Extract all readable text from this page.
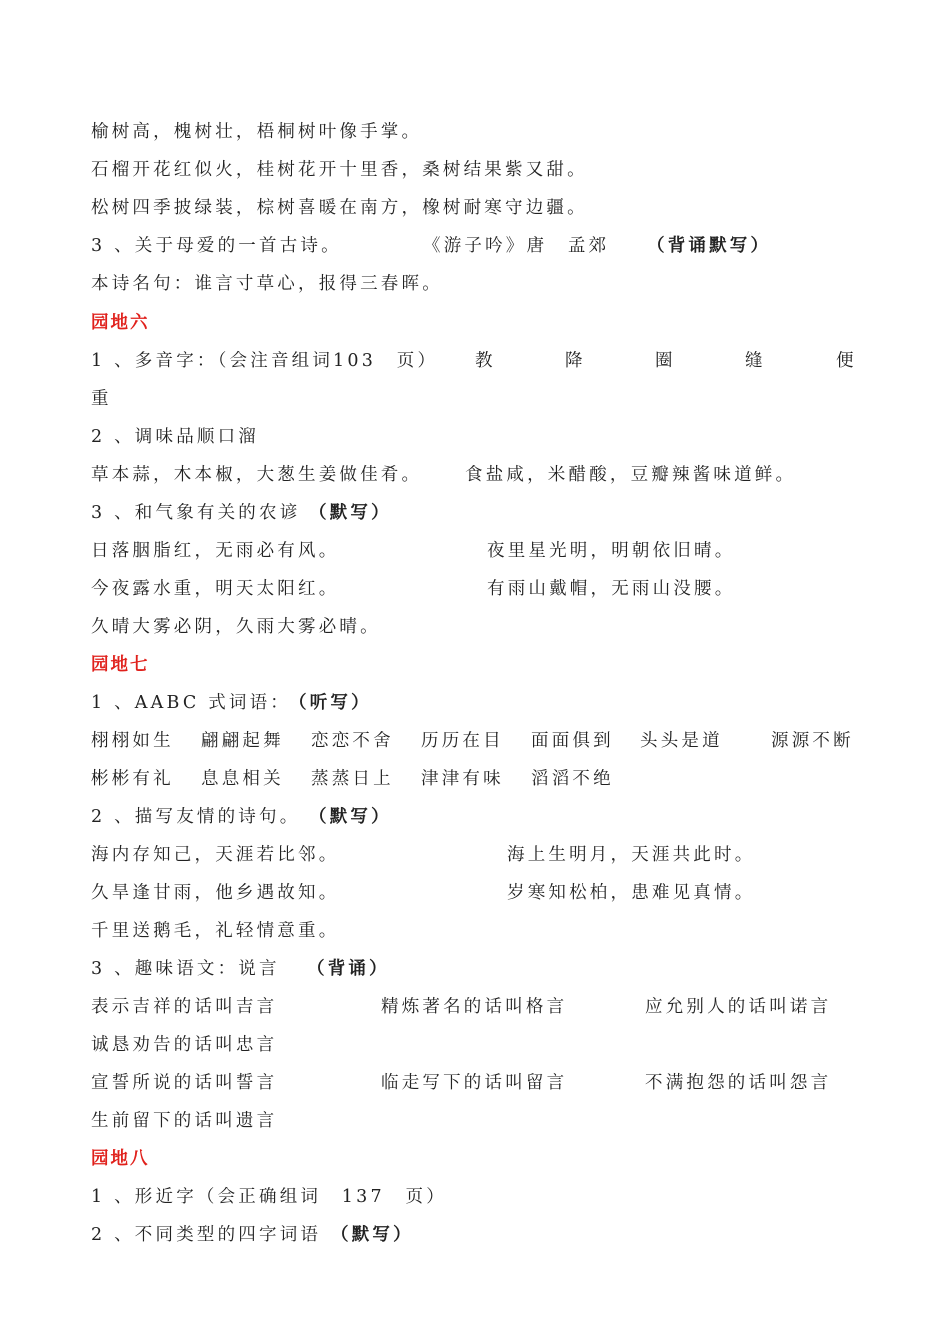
榆树高，槐树壮，梧桐树叶像手掌。
石榴开花红似火，桂树花开十里香，桑树结果紫又甜。
松树四季披绿装，棕树喜暖在南方，橡树耐寒守边疆。
3 、关于母爱的一首古诗。	《游子吟》唐　孟郊 （背诵默写）
本诗名句：谁言寸草心，报得三春晖。
园地六
1 、多音字：（会注音组词103　页） 教	降	圈	缝	便
重
2 、调味品顺口溜
草本蒜，木本椒，大葱生姜做佳肴。 食盐咸，米醋酸，豆瓣辣酱味道鲜。
3 、和气象有关的农谚 （默写）
日落胭脂红，无雨必有风。	夜里星光明，明朝依旧晴。
今夜露水重，明天太阳红。	有雨山戴帽，无雨山没腰。
久晴大雾必阴，久雨大雾必晴。
园地七
1 、AABC 式词语：
（听写）
栩栩如生 翩翩起舞 恋恋不舍 历历在目 面面俱到 头头是道	源源不断
彬彬有礼 息息相关 蒸蒸日上 津津有味 滔滔不绝
2 、描写友情的诗句。 （默写）
海内存知己，天涯若比邻。	海上生明月，天涯共此时。
久旱逢甘雨，他乡遇故知。	岁寒知松柏，患难见真情。
千里送鹅毛，礼轻情意重。
3 、趣味语文：说言 （背诵）
表示吉祥的话叫吉言	精炼著名的话叫格言	应允别人的话叫诺言
诚恳劝告的话叫忠言
宣誓所说的话叫誓言	临走写下的话叫留言	不满抱怨的话叫怨言
生前留下的话叫遗言
园地八
1 、形近字（会正确组词　137　页）
2 、不同类型的四字词语 （默写）
